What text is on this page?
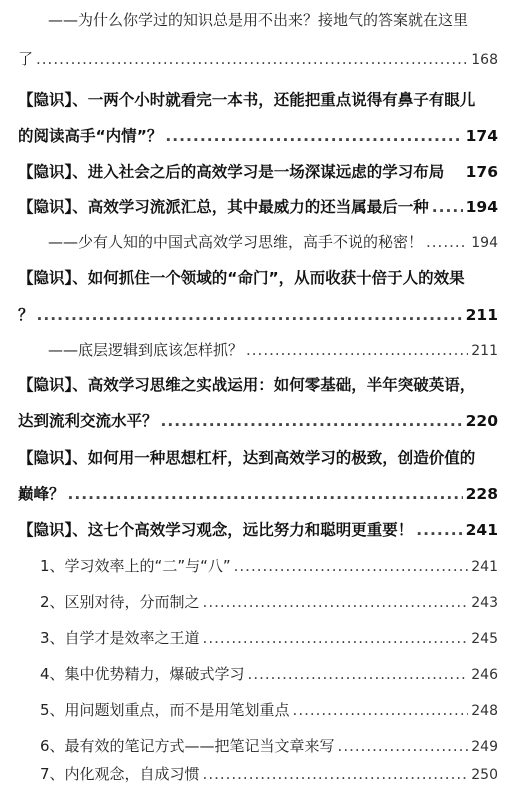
——为什么你学过的知识总是用不出来？接地气的答案就在这里
了 .....	168
【隐识】、一两个小时就看完一本书，还能把重点说得有鼻子有眼儿
的阅读高手“内情”？ .....	174
【隐识】、进入社会之后的高效学习是一场深谋远虑的学习布局 176
【隐识】、高效学习流派汇总，其中最威力的还当属最后一种 ..... 194
——少有人知的中国式高效学习思维，高手不说的秘密！ .....	194
【隐识】、如何抓住一个领域的“命门”，从而收获十倍于人的效果
？ .....	211
——底层逻辑到底该怎样抓？ .....	211
【隐识】、高效学习思维之实战运用：如何零基础，半年突破英语，
达到流利交流水平？ .....	220
【隐识】、如何用一种思想杠杆，达到高效学习的极致，创造价值的
巅峰？ .....	228
【隐识】、这七个高效学习观念，远比努力和聪明更重要！ .....	241
1、学习效率上的“二”与“八” .....	241
2、区别对待，分而制之 .....	243
3、自学才是效率之王道 .....	245
4、集中优势精力，爆破式学习 .....	246
5、用问题划重点，而不是用笔划重点 .....	248
6、最有效的笔记方式——把笔记当文章来写 .....	249
7、内化观念，自成习惯 .....	250
